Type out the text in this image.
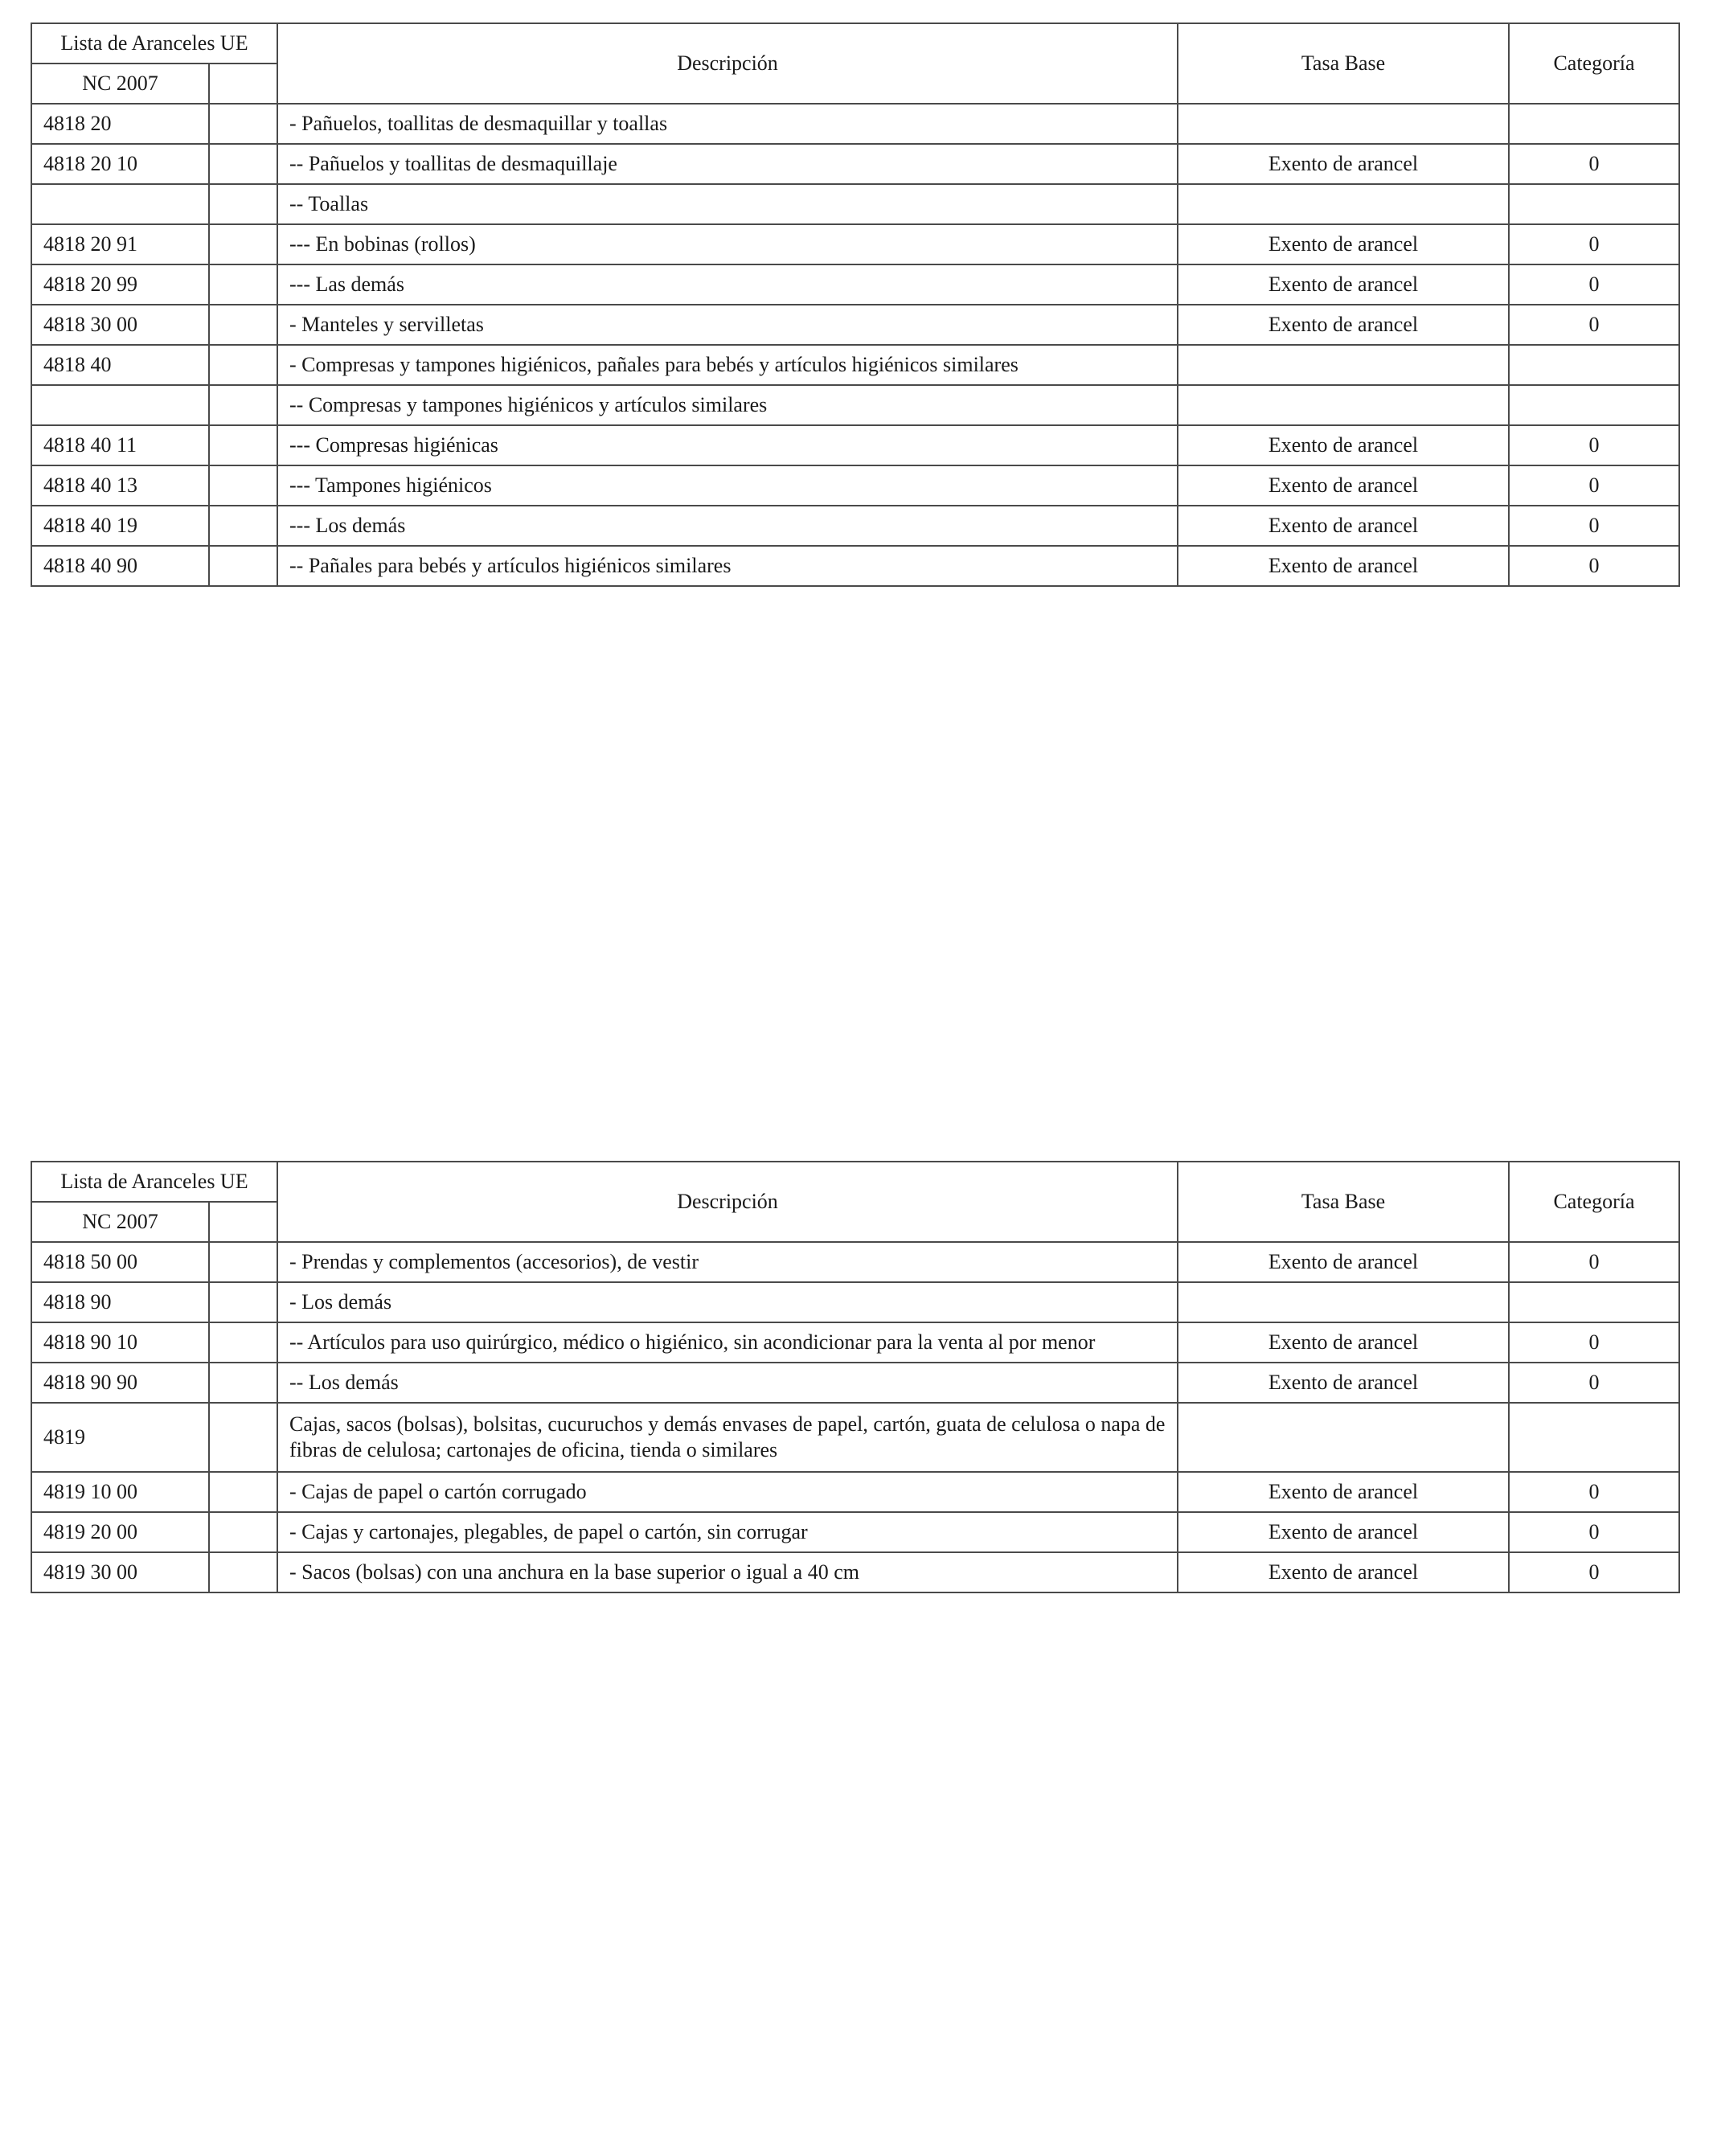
Lista de Aranceles UE		Descripción	Tasa Base	Categoría
NC 2007				
4818 20		- Pañuelos, toallitas de desmaquillar y toallas		
4818 20 10		-- Pañuelos y toallitas de desmaquillaje	Exento de arancel	0
		-- Toallas		
4818 20 91		--- En bobinas (rollos)	Exento de arancel	0
4818 20 99		--- Las demás	Exento de arancel	0
4818 30 00		- Manteles y servilletas	Exento de arancel	0
4818 40		- Compresas y tampones higiénicos, pañales para bebés y artículos higiénicos similares		
		-- Compresas y tampones higiénicos y artículos similares		
4818 40 11		--- Compresas higiénicas	Exento de arancel	0
4818 40 13		--- Tampones higiénicos	Exento de arancel	0
4818 40 19		--- Los demás	Exento de arancel	0
4818 40 90		-- Pañales para bebés y artículos higiénicos similares	Exento de arancel	0
Lista de Aranceles UE		Descripción	Tasa Base	Categoría
NC 2007				
4818 50 00		- Prendas y complementos (accesorios), de vestir	Exento de arancel	0
4818 90		- Los demás		
4818 90 10		-- Artículos para uso quirúrgico, médico o higiénico, sin acondicionar para la venta al por menor	Exento de arancel	0
4818 90 90		-- Los demás	Exento de arancel	0
4819		Cajas, sacos (bolsas), bolsitas, cucuruchos y demás envases de papel, cartón, guata de celulosa o napa de fibras de celulosa; cartonajes de oficina, tienda o similares		
4819 10 00		- Cajas de papel o cartón corrugado	Exento de arancel	0
4819 20 00		- Cajas y cartonajes, plegables, de papel o cartón, sin corrugar	Exento de arancel	0
4819 30 00		- Sacos (bolsas) con una anchura en la base superior o igual a 40 cm	Exento de arancel	0
